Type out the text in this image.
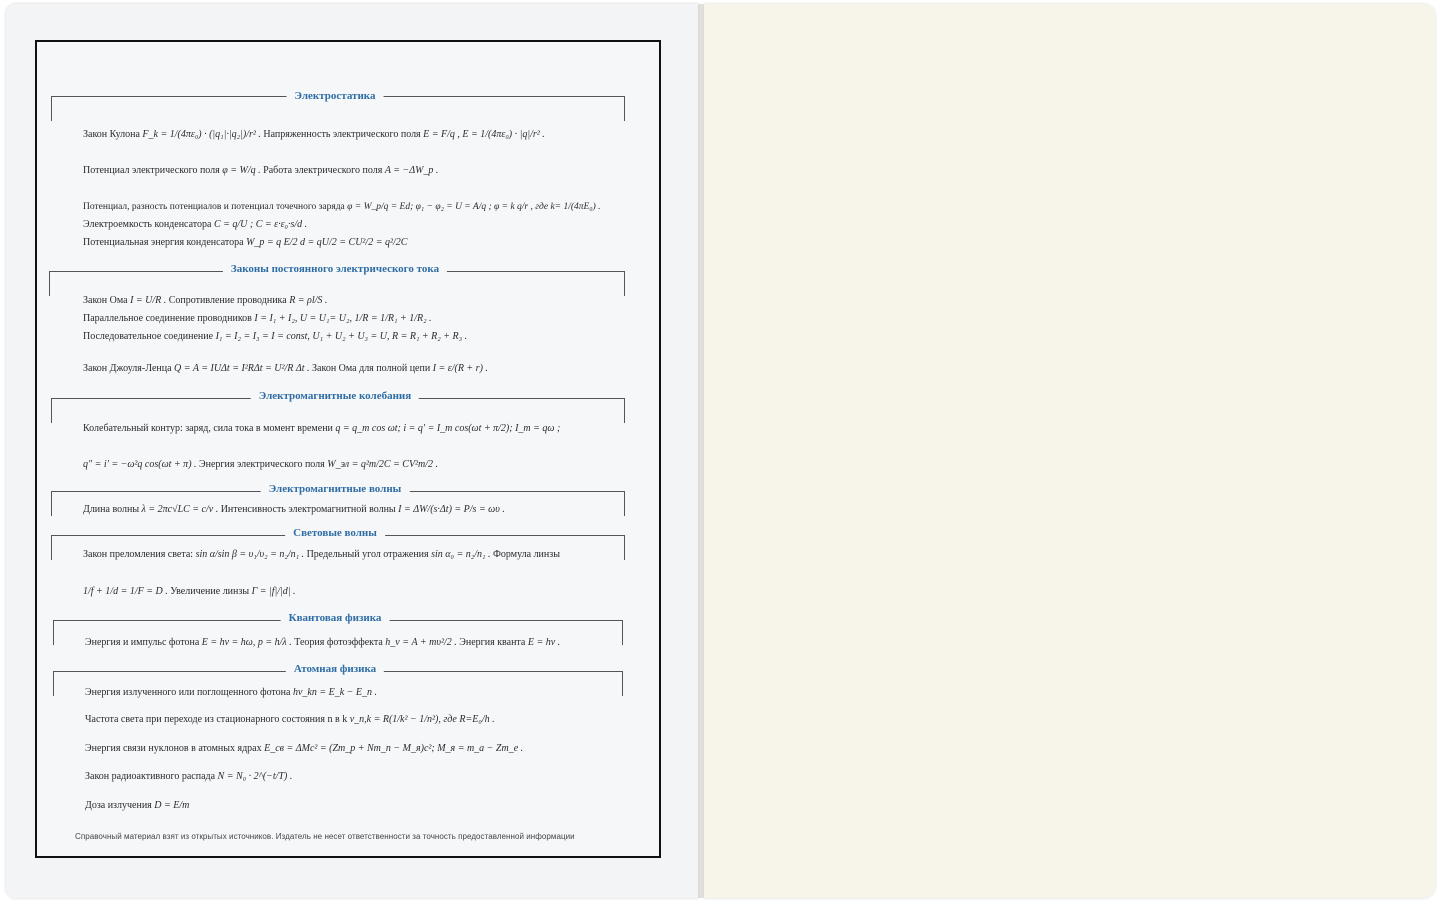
Электростатика
Закон Кулона F_k = 1/(4πε₀) · (|q₁|·|q₂|)/r² . Напряженность электрического поля E = F/q , E = 1/(4πε₀) · |q|/r² .
Потенциал электрического поля φ = W/q . Работа электрического поля A = −ΔW_p .
Потенциал, разность потенциалов и потенциал точечного заряда φ = W_p/q = Ed; φ₁ − φ₂ = U = A/q ; φ = k q/r , где k= 1/(4πE₀) .
Электроемкость конденсатора C = q/U ; C = ε·ε₀·s/d .
Потенциальная энергия конденсатора W_p = q E/2 d = qU/2 = CU²/2 = q²/2C
Законы постоянного электрического тока
Закон Ома I = U/R . Сопротивление проводника R = ρl/S .
Параллельное соединение проводников I = I₁ + I₂, U = U₁= U₂, 1/R = 1/R₁ + 1/R₂ .
Последовательное соединение I₁ = I₂ = I₃ = I = const, U₁ + U₂ + U₃ = U, R = R₁ + R₂ + R₃ .
Закон Джоуля-Ленца Q = A = IUΔt = I²RΔt = U²/R Δt . Закон Ома для полной цепи I = ε/(R + r) .
Электромагнитные колебания
Колебательный контур: заряд, сила тока в момент времени q = q_m cos ωt; i = q′ = I_m cos(ωt + π/2); I_m = qω ;
q″ = i′ = −ω²q cos(ωt + π) . Энергия электрического поля W_эл = q²m/2C = CV²m/2 .
Электромагнитные волны
Длина волны λ = 2πc√LC = c/ν . Интенсивность электромагнитной волны I = ΔW/(s·Δt) = P/s = ωυ .
Световые волны
Закон преломления света: sin α/sin β = υ₁/υ₂ = n₂/n₁ . Предельный угол отражения sin α₀ = n₂/n₁ . Формула линзы
1/f + 1/d = 1/F = D . Увеличение линзы Γ = |f|/|d| .
Квантовая физика
Энергия и импульс фотона E = hν = hω, p = h/λ . Теория фотоэффекта h_ν = A + mυ²/2 . Энергия кванта E = hν .
Атомная физика
Энергия излученного или поглощенного фотона hν_kn = E_k − E_n .
Частота света при переходе из стационарного состояния n в k ν_n,k = R(1/k² − 1/n²), где R=E₀/h .
Энергия связи нуклонов в атомных ядрах E_св = ΔMc² = (Zm_p + Nm_n − M_я)c²; M_я = m_a − Zm_e .
Закон радиоактивного распада N = N₀ · 2^(−t/T) .
Доза излучения D = E/m
Справочный материал взят из открытых источников. Издатель не несет ответственности за точность предоставленной информации
